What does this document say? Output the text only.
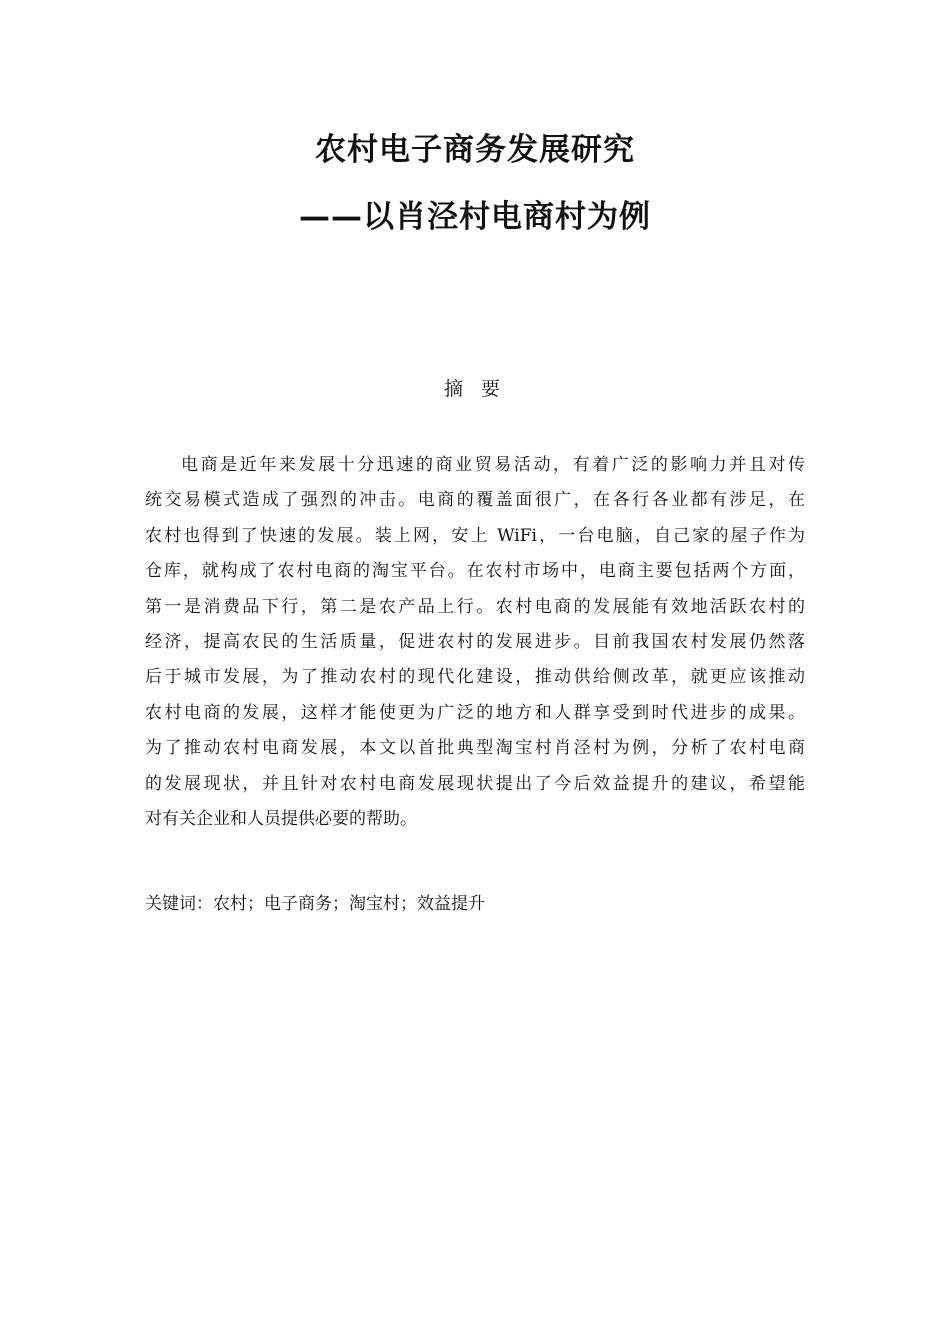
农村电子商务发展研究
——以肖泾村电商村为例
摘 要
电商是近年来发展十分迅速的商业贸易活动，有着广泛的影响力并且对传
统交易模式造成了强烈的冲击。电商的覆盖面很广，在各行各业都有涉足，在
农村也得到了快速的发展。装上网，安上 WiFi，一台电脑，自己家的屋子作为
仓库，就构成了农村电商的淘宝平台。在农村市场中，电商主要包括两个方面，
第一是消费品下行，第二是农产品上行。农村电商的发展能有效地活跃农村的
经济，提高农民的生活质量，促进农村的发展进步。目前我国农村发展仍然落
后于城市发展，为了推动农村的现代化建设，推动供给侧改革，就更应该推动
农村电商的发展，这样才能使更为广泛的地方和人群享受到时代进步的成果。
为了推动农村电商发展，本文以首批典型淘宝村肖泾村为例，分析了农村电商
的发展现状，并且针对农村电商发展现状提出了今后效益提升的建议，希望能
对有关企业和人员提供必要的帮助。
关键词：农村；电子商务；淘宝村；效益提升
